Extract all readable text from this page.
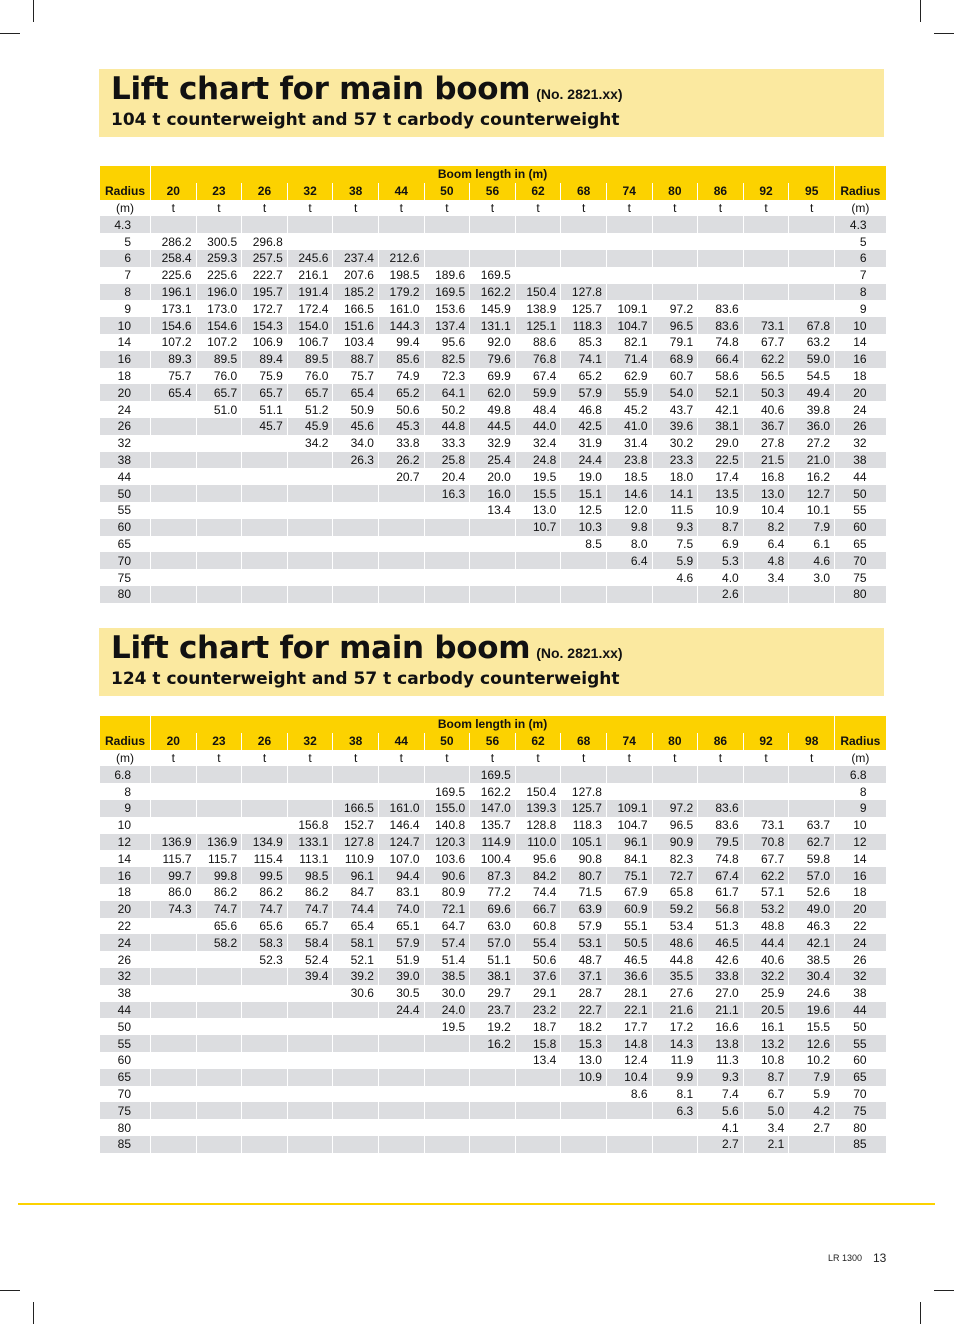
Lift chart for main boom (No. 2821.xx)
104 t counterweight and 57 t carbody counterweight
	Boom length in (m)															
Radius	20	23	26	32	38	44	50	56	62	68	74	80	86	92	95	Radius
(m)	t	t	t	t	t	t	t	t	t	t	t	t	t	t	t	(m)
4.3																4.3
5	286.2	300.5	296.8													5
6	258.4	259.3	257.5	245.6	237.4	212.6										6
7	225.6	225.6	222.7	216.1	207.6	198.5	189.6	169.5								7
8	196.1	196.0	195.7	191.4	185.2	179.2	169.5	162.2	150.4	127.8						8
9	173.1	173.0	172.7	172.4	166.5	161.0	153.6	145.9	138.9	125.7	109.1	97.2	83.6			9
10	154.6	154.6	154.3	154.0	151.6	144.3	137.4	131.1	125.1	118.3	104.7	96.5	83.6	73.1	67.8	10
14	107.2	107.2	106.9	106.7	103.4	99.4	95.6	92.0	88.6	85.3	82.1	79.1	74.8	67.7	63.2	14
16	89.3	89.5	89.4	89.5	88.7	85.6	82.5	79.6	76.8	74.1	71.4	68.9	66.4	62.2	59.0	16
18	75.7	76.0	75.9	76.0	75.7	74.9	72.3	69.9	67.4	65.2	62.9	60.7	58.6	56.5	54.5	18
20	65.4	65.7	65.7	65.7	65.4	65.2	64.1	62.0	59.9	57.9	55.9	54.0	52.1	50.3	49.4	20
24		51.0	51.1	51.2	50.9	50.6	50.2	49.8	48.4	46.8	45.2	43.7	42.1	40.6	39.8	24
26			45.7	45.9	45.6	45.3	44.8	44.5	44.0	42.5	41.0	39.6	38.1	36.7	36.0	26
32				34.2	34.0	33.8	33.3	32.9	32.4	31.9	31.4	30.2	29.0	27.8	27.2	32
38					26.3	26.2	25.8	25.4	24.8	24.4	23.8	23.3	22.5	21.5	21.0	38
44						20.7	20.4	20.0	19.5	19.0	18.5	18.0	17.4	16.8	16.2	44
50							16.3	16.0	15.5	15.1	14.6	14.1	13.5	13.0	12.7	50
55								13.4	13.0	12.5	12.0	11.5	10.9	10.4	10.1	55
60									10.7	10.3	9.8	9.3	8.7	8.2	7.9	60
65										8.5	8.0	7.5	6.9	6.4	6.1	65
70											6.4	5.9	5.3	4.8	4.6	70
75												4.6	4.0	3.4	3.0	75
80													2.6			80
Lift chart for main boom (No. 2821.xx)
124 t counterweight and 57 t carbody counterweight
	Boom length in (m)															
Radius	20	23	26	32	38	44	50	56	62	68	74	80	86	92	98	Radius
(m)	t	t	t	t	t	t	t	t	t	t	t	t	t	t	t	(m)
6.8								169.5								6.8
8							169.5	162.2	150.4	127.8						8
9					166.5	161.0	155.0	147.0	139.3	125.7	109.1	97.2	83.6			9
10				156.8	152.7	146.4	140.8	135.7	128.8	118.3	104.7	96.5	83.6	73.1	63.7	10
12	136.9	136.9	134.9	133.1	127.8	124.7	120.3	114.9	110.0	105.1	96.1	90.9	79.5	70.8	62.7	12
14	115.7	115.7	115.4	113.1	110.9	107.0	103.6	100.4	95.6	90.8	84.1	82.3	74.8	67.7	59.8	14
16	99.7	99.8	99.5	98.5	96.1	94.4	90.6	87.3	84.2	80.7	75.1	72.7	67.4	62.2	57.0	16
18	86.0	86.2	86.2	86.2	84.7	83.1	80.9	77.2	74.4	71.5	67.9	65.8	61.7	57.1	52.6	18
20	74.3	74.7	74.7	74.7	74.4	74.0	72.1	69.6	66.7	63.9	60.9	59.2	56.8	53.2	49.0	20
22		65.6	65.6	65.7	65.4	65.1	64.7	63.0	60.8	57.9	55.1	53.4	51.3	48.8	46.3	22
24		58.2	58.3	58.4	58.1	57.9	57.4	57.0	55.4	53.1	50.5	48.6	46.5	44.4	42.1	24
26			52.3	52.4	52.1	51.9	51.4	51.1	50.6	48.7	46.5	44.8	42.6	40.6	38.5	26
32				39.4	39.2	39.0	38.5	38.1	37.6	37.1	36.6	35.5	33.8	32.2	30.4	32
38					30.6	30.5	30.0	29.7	29.1	28.7	28.1	27.6	27.0	25.9	24.6	38
44						24.4	24.0	23.7	23.2	22.7	22.1	21.6	21.1	20.5	19.6	44
50							19.5	19.2	18.7	18.2	17.7	17.2	16.6	16.1	15.5	50
55								16.2	15.8	15.3	14.8	14.3	13.8	13.2	12.6	55
60									13.4	13.0	12.4	11.9	11.3	10.8	10.2	60
65										10.9	10.4	9.9	9.3	8.7	7.9	65
70											8.6	8.1	7.4	6.7	5.9	70
75												6.3	5.6	5.0	4.2	75
80													4.1	3.4	2.7	80
85													2.7	2.1		85
LR 1300 13
